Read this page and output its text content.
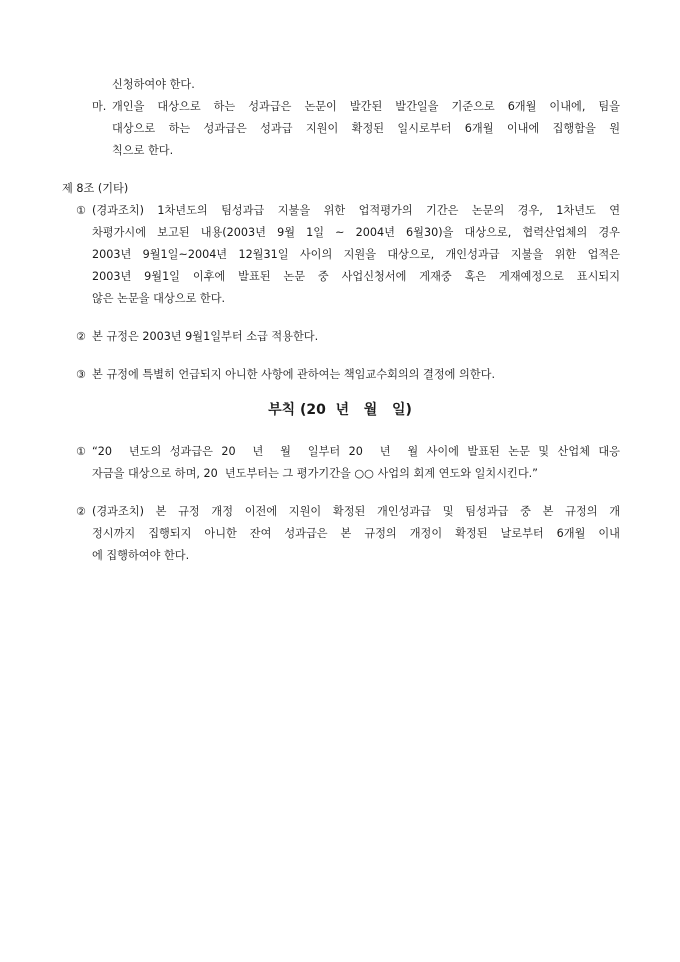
신청하여야 한다.
마. 개인을 대상으로 하는 성과급은 논문이 발간된 발간일을 기준으로 6개월 이내에, 팀을
대상으로 하는 성과급은 성과급 지원이 확정된 일시로부터 6개월 이내에 집행함을 원
칙으로 한다.
제 8조 (기타)
① (경과조치) 1차년도의 팀성과급 지불을 위한 업적평가의 기간은 논문의 경우, 1차년도 연
차평가시에 보고된 내용(2003년 9월 1일 ~ 2004년 6월30)을 대상으로, 협력산업체의 경우
2003년 9월1일~2004년 12월31일 사이의 지원을 대상으로, 개인성과급 지불을 위한 업적은
2003년 9월1일 이후에 발표된 논문 중 사업신청서에 게재중 혹은 게재예정으로 표시되지
않은 논문을 대상으로 한다.
② 본 규정은 2003년 9월1일부터 소급 적용한다.
③ 본 규정에 특별히 언급되지 아니한 사항에 관하여는 책임교수회의의 결정에 의한다.
부칙 (20  년   월   일)
① “20  년도의 성과급은 20  년  월  일부터 20  년  월 사이에 발표된 논문 및 산업체 대응
자금을 대상으로 하며, 20  년도부터는 그 평가기간을 ○○ 사업의 회계 연도와 일치시킨다.”
② (경과조치) 본 규정 개정 이전에 지원이 확정된 개인성과급 및 팀성과급 중 본 규정의 개
정시까지 집행되지 아니한 잔여 성과급은 본 규정의 개정이 확정된 날로부터 6개월 이내
에 집행하여야 한다.
